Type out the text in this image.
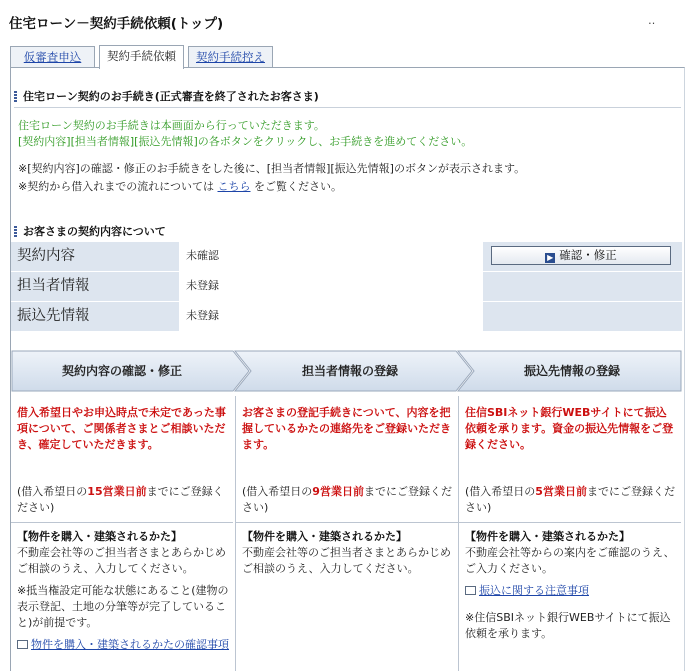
住宅ローン－契約手続依頼(トップ)	‥
仮審査申込	契約手続依頼	契約手続控え
住宅ローン契約のお手続き(正式審査を終了されたお客さま)
住宅ローン契約のお手続きは本画面から行っていただきます。
[契約内容][担当者情報][振込先情報]の各ボタンをクリックし、お手続きを進めてください。
※[契約内容]の確認・修正のお手続きをした後に、[担当者情報][振込先情報]のボタンが表示されます。
※契約から借入れまでの流れについては こちら をご覧ください。
お客さまの契約内容について
契約内容	未確認	▶ 確認・修正
担当者情報	未登録
振込先情報	未登録
契約内容の確認・修正	担当者情報の登録	振込先情報の登録
借入希望日やお申込時点で未定であった事項について、ご関係者さまとご相談いただき、確定していただきます。
(借入希望日の15営業日前までにご登録ください)
【物件を購入・建築されるかた】
不動産会社等のご担当者さまとあらかじめご相談のうえ、入力してください。
※抵当権設定可能な状態にあること(建物の表示登記、土地の分筆等が完了していること)が前提です。
物件を購入・建築されるかたの確認事項
お客さまの登記手続きについて、内容を把握しているかたの連絡先をご登録いただきます。
(借入希望日の9営業日前までにご登録ください)
【物件を購入・建築されるかた】
不動産会社等のご担当者さまとあらかじめご相談のうえ、入力してください。
住信SBIネット銀行WEBサイトにて振込依頼を承ります。資金の振込先情報をご登録ください。
(借入希望日の5営業日前までにご登録ください)
【物件を購入・建築されるかた】
不動産会社等からの案内をご確認のうえ、ご入力ください。
振込に関する注意事項
※住信SBIネット銀行WEBサイトにて振込依頼を承ります。
